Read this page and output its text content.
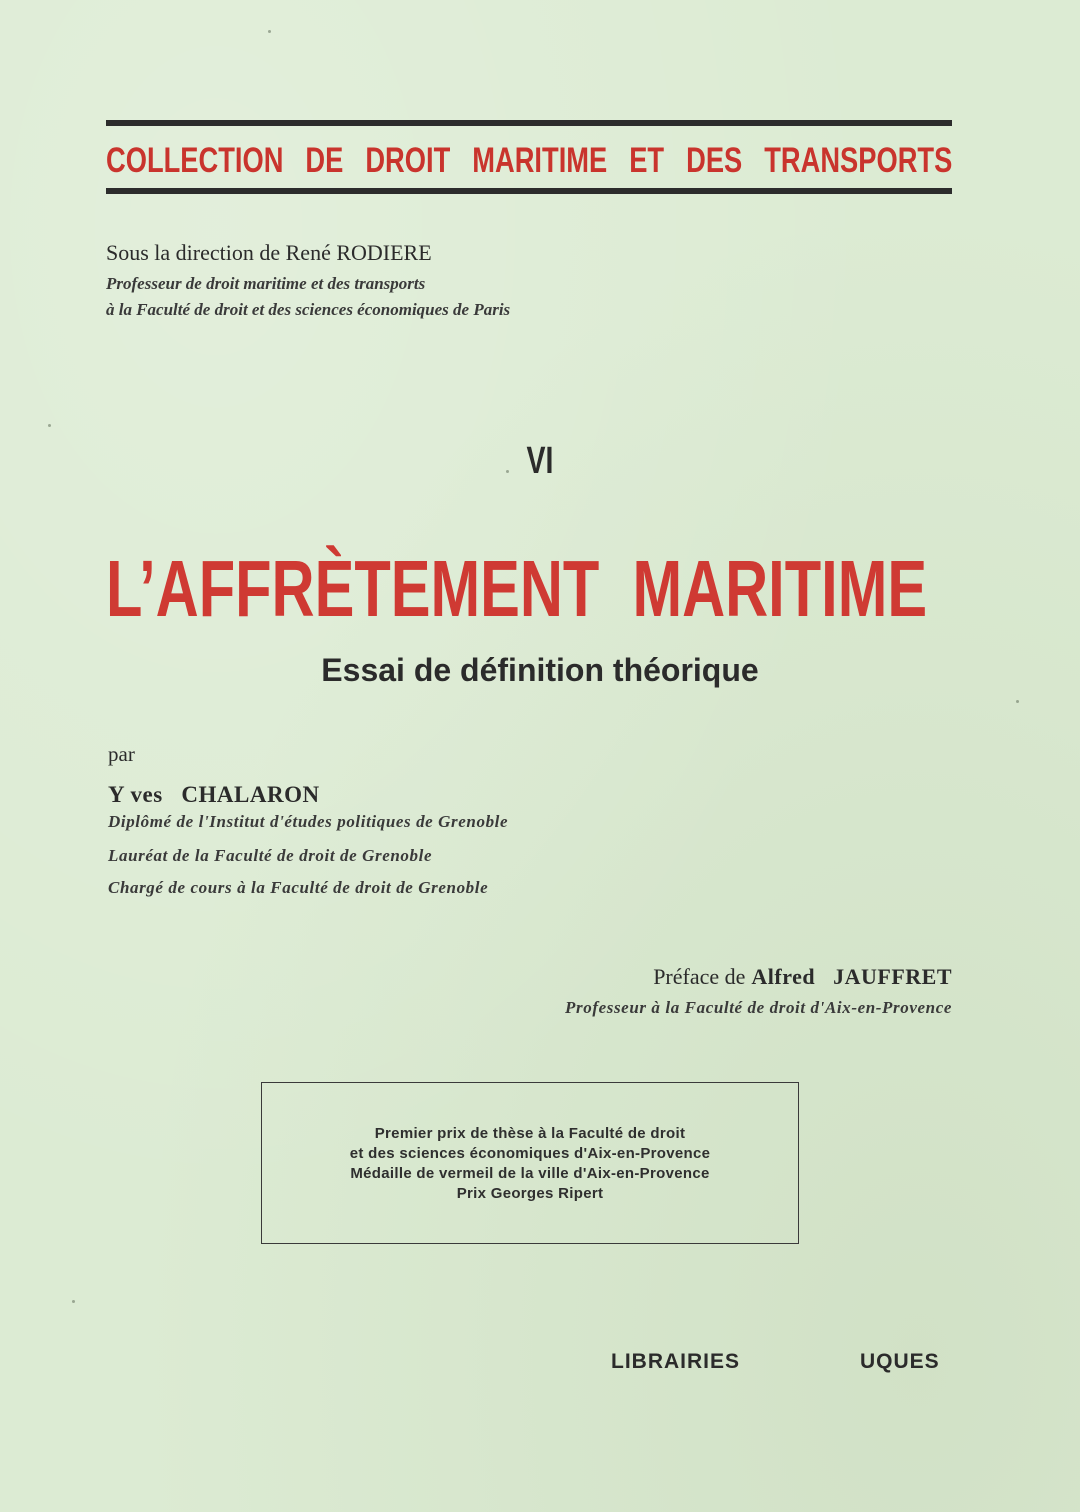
COLLECTION DE DROIT MARITIME ET DES TRANSPORTS
Sous la direction de René RODIERE
Professeur de droit maritime et des transports
à la Faculté de droit et des sciences économiques de Paris
VI
L’AFFRÈTEMENT  MARITIME
Essai de définition théorique
par
Y ves   CHALARON
Diplômé de l'Institut d'études politiques de Grenoble
Lauréat de la Faculté de droit de Grenoble
Chargé de cours à la Faculté de droit de Grenoble
Préface de Alfred   JAUFFRET
Professeur à la Faculté de droit d'Aix-en-Provence
Premier prix de thèse à la Faculté de droit
et des sciences économiques d'Aix-en-Provence
Médaille de vermeil de la ville d'Aix-en-Provence
Prix Georges Ripert
LIBRAIRIES	UQUES
